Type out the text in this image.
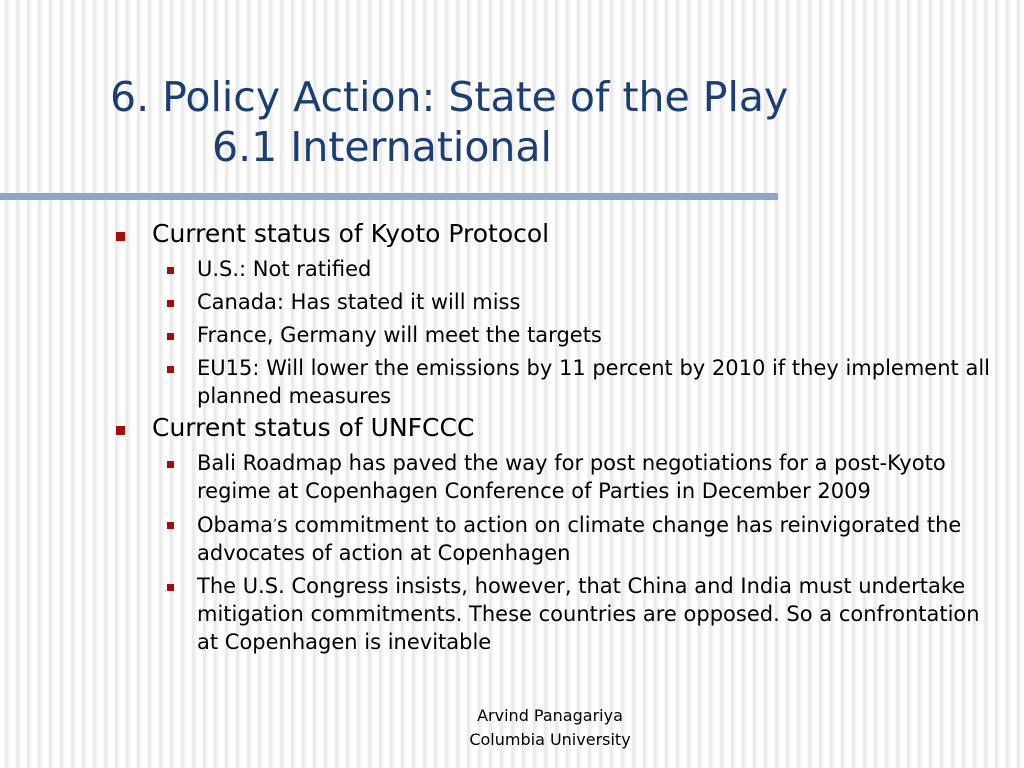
6. Policy Action: State of the Play
6.1 International

Current status of Kyoto Protocol

U.S.: Not ratified

Canada: Has stated it will miss

France, Germany will meet the targets

EU15: Will lower the emissions by 11 percent by 2010 if they implement all planned measures

Current status of UNFCCC

Bali Roadmap has paved the way for post negotiations for a post-Kyoto regime at Copenhagen Conference of Parties in December 2009

Obama’s commitment to action on climate change has reinvigorated the advocates of action at Copenhagen

The U.S. Congress insists, however, that China and India must undertake mitigation commitments. These countries are opposed. So a confrontation at Copenhagen is inevitable

Arvind Panagariya
Columbia University
